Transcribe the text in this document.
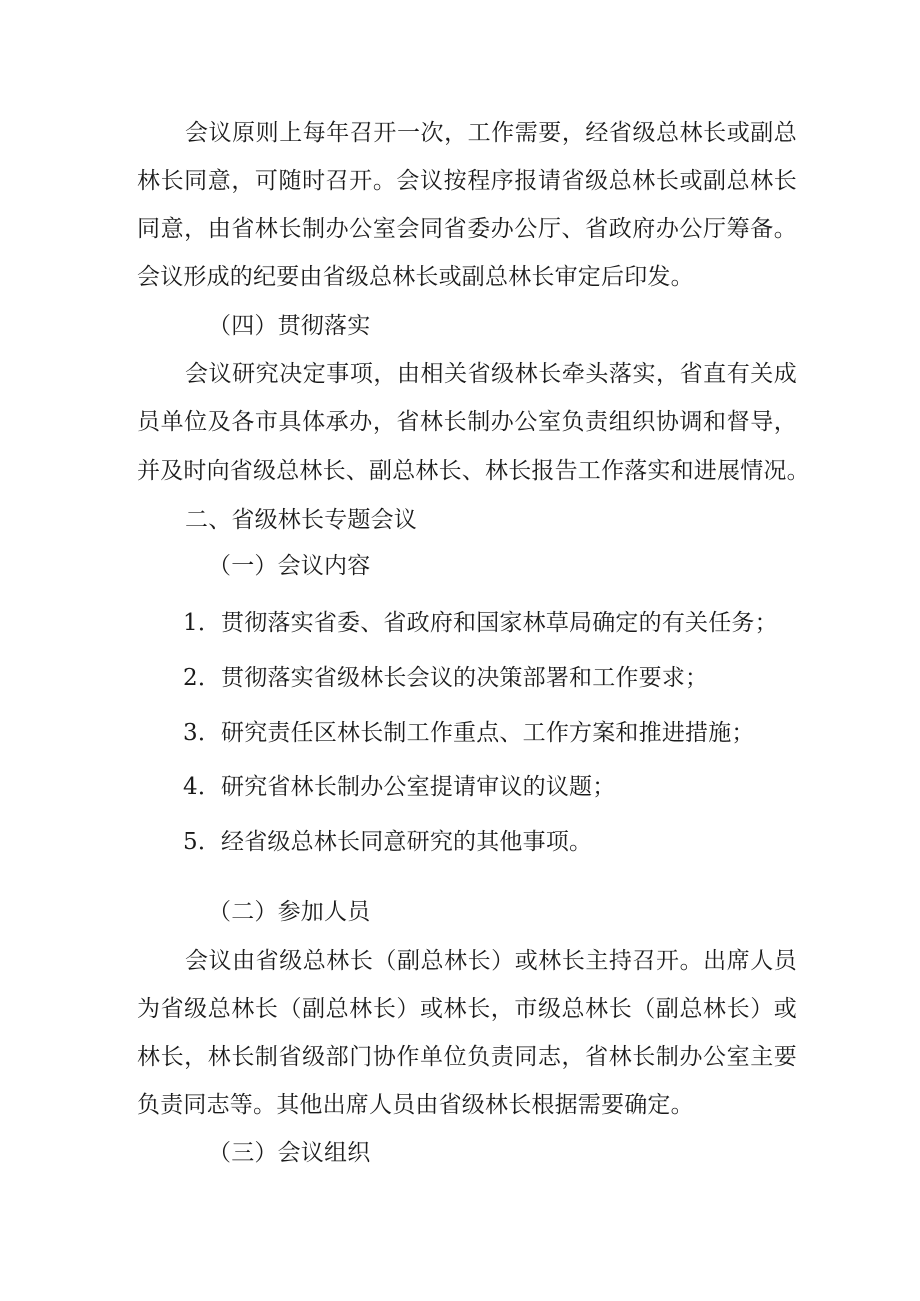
会议原则上每年召开一次，工作需要，经省级总林长或副总
林长同意，可随时召开。会议按程序报请省级总林长或副总林长
同意，由省林长制办公室会同省委办公厅、省政府办公厅筹备。
会议形成的纪要由省级总林长或副总林长审定后印发。
（四）贯彻落实
会议研究决定事项，由相关省级林长牵头落实，省直有关成
员单位及各市具体承办，省林长制办公室负责组织协调和督导，
并及时向省级总林长、副总林长、林长报告工作落实和进展情况。
二、省级林长专题会议
（一）会议内容
1．贯彻落实省委、省政府和国家林草局确定的有关任务；
2．贯彻落实省级林长会议的决策部署和工作要求；
3．研究责任区林长制工作重点、工作方案和推进措施；
4．研究省林长制办公室提请审议的议题；
5．经省级总林长同意研究的其他事项。
（二）参加人员
会议由省级总林长（副总林长）或林长主持召开。出席人员
为省级总林长（副总林长）或林长，市级总林长（副总林长）或
林长，林长制省级部门协作单位负责同志，省林长制办公室主要
负责同志等。其他出席人员由省级林长根据需要确定。
（三）会议组织
